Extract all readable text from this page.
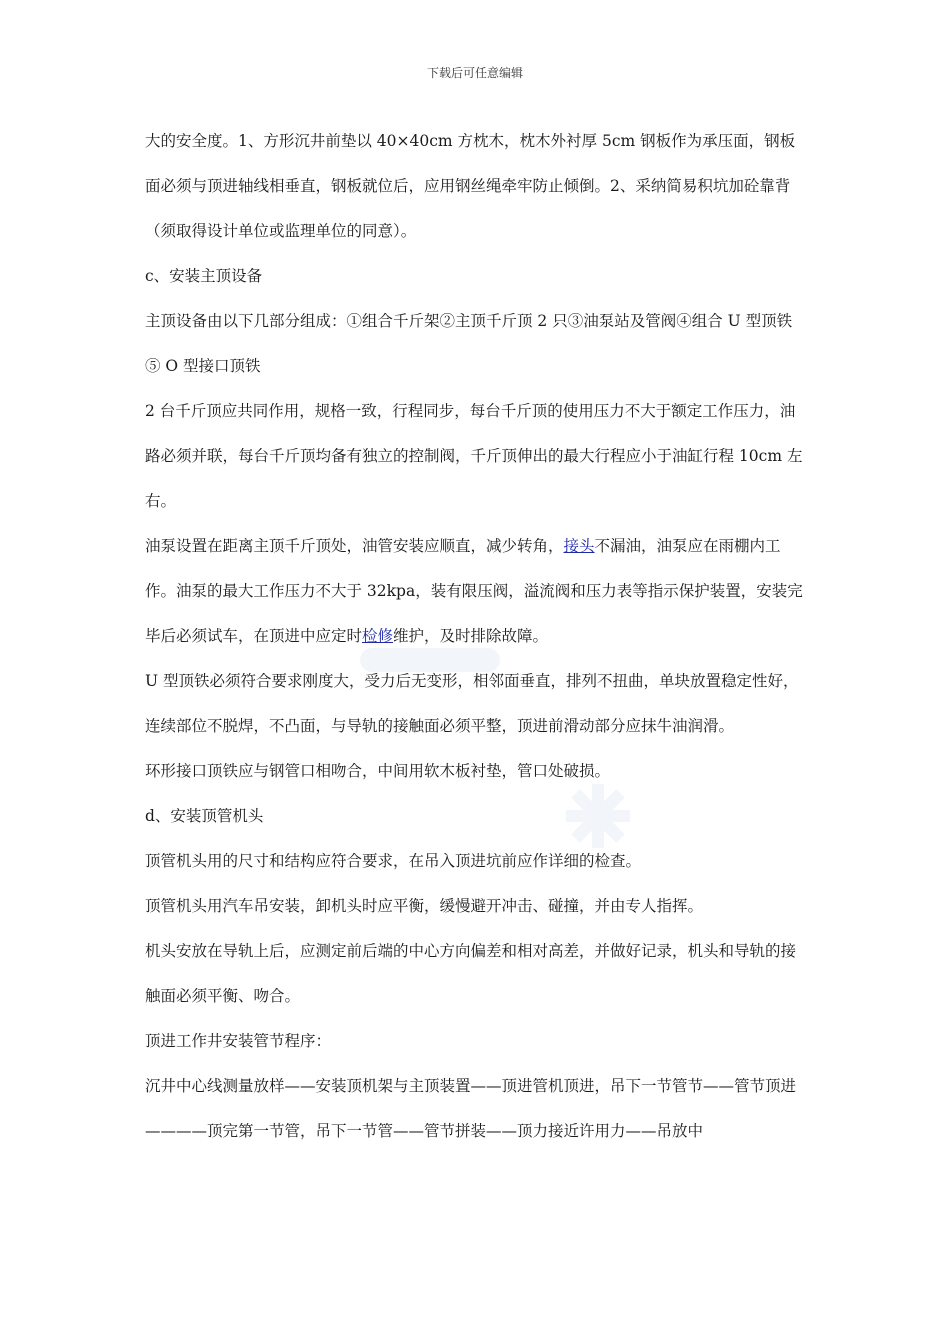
下载后可任意编辑

大的安全度。1、方形沉井前垫以 40×40cm 方枕木，枕木外衬厚 5cm 钢板作为承压面，钢板面必须与顶进轴线相垂直，钢板就位后，应用钢丝绳牵牢防止倾倒。2、采纳简易积坑加砼靠背（须取得设计单位或监理单位的同意）。

c、安装主顶设备

主顶设备由以下几部分组成：①组合千斤架②主顶千斤顶 2 只③油泵站及管阀④组合 U 型顶铁⑤ O 型接口顶铁

2 台千斤顶应共同作用，规格一致，行程同步，每台千斤顶的使用压力不大于额定工作压力，油路必须并联，每台千斤顶均备有独立的控制阀，千斤顶伸出的最大行程应小于油缸行程 10cm 左右。

油泵设置在距离主顶千斤顶处，油管安装应顺直，减少转角，接头不漏油，油泵应在雨棚内工作。油泵的最大工作压力不大于 32kpa，装有限压阀，溢流阀和压力表等指示保护装置，安装完毕后必须试车，在顶进中应定时检修维护，及时排除故障。

U 型顶铁必须符合要求刚度大，受力后无变形，相邻面垂直，排列不扭曲，单块放置稳定性好，连续部位不脱焊，不凸面，与导轨的接触面必须平整，顶进前滑动部分应抹牛油润滑。

环形接口顶铁应与钢管口相吻合，中间用软木板衬垫，管口处破损。

d、安装顶管机头

顶管机头用的尺寸和结构应符合要求，在吊入顶进坑前应作详细的检查。

顶管机头用汽车吊安装，卸机头时应平衡，缓慢避开冲击、碰撞，并由专人指挥。

机头安放在导轨上后，应测定前后端的中心方向偏差和相对高差，并做好记录，机头和导轨的接触面必须平衡、吻合。

顶进工作井安装管节程序：

沉井中心线测量放样——安装顶机架与主顶装置——顶进管机顶进，吊下一节管节——管节顶进————顶完第一节管，吊下一节管——管节拼装——顶力接近许用力——吊放中
